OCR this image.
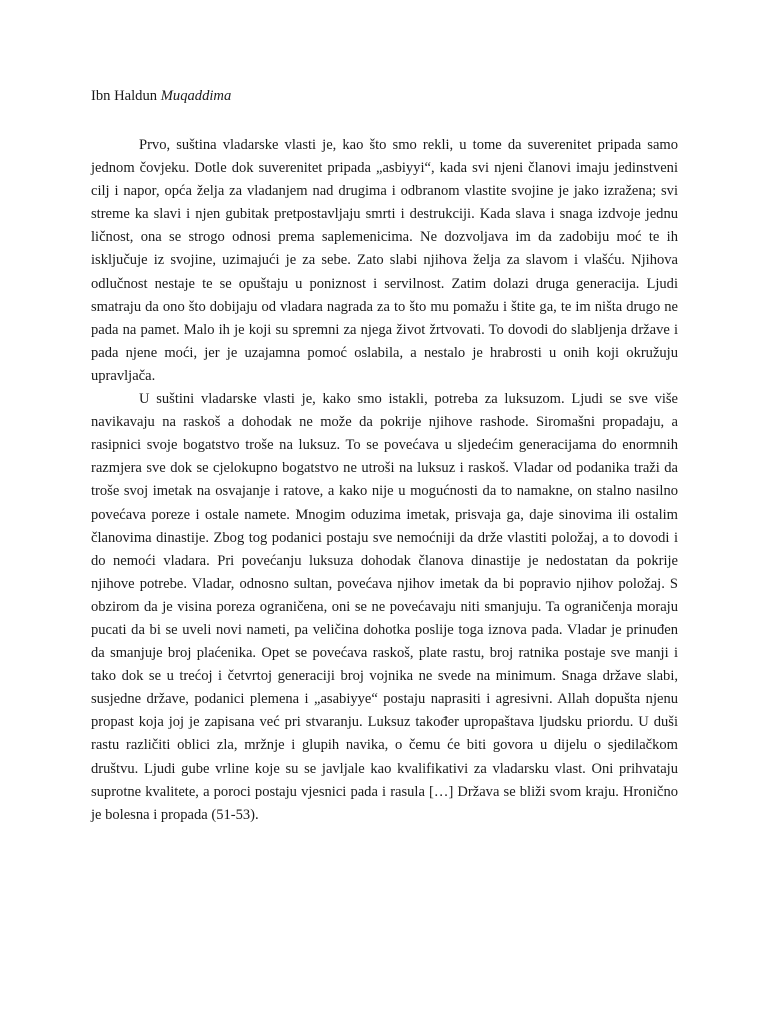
Ibn Haldun Muqaddima

Prvo, suština vladarske vlasti je, kao što smo rekli, u tome da suverenitet pripada samo jednom čovjeku. Dotle dok suverenitet pripada „asbiyyi“, kada svi njeni članovi imaju jedinstveni cilj i napor, opća želja za vladanjem nad drugima i odbranom vlastite svojine je jako izražena; svi streme ka slavi i njen gubitak pretpostavljaju smrti i destrukciji. Kada slava i snaga izdvoje jednu ličnost, ona se strogo odnosi prema saplemenicima. Ne dozvoljava im da zadobiju moć te ih isključuje iz svojine, uzimajući je za sebe. Zato slabi njihova želja za slavom i vlašću. Njihova odlučnost nestaje te se opuštaju u poniznost i servilnost. Zatim dolazi druga generacija. Ljudi smatraju da ono što dobijaju od vladara nagrada za to što mu pomažu i štite ga, te im ništa drugo ne pada na pamet. Malo ih je koji su spremni za njega život žrtvovati. To dovodi do slabljenja države i pada njene moći, jer je uzajamna pomoć oslabila, a nestalo je hrabrosti u onih koji okružuju upravljača.

U suštini vladarske vlasti je, kako smo istakli, potreba za luksuzom. Ljudi se sve više navikavaju na raskoš a dohodak ne može da pokrije njihove rashode. Siromašni propadaju, a rasipnici svoje bogatstvo troše na luksuz. To se povećava u sljedećim generacijama do enormnih razmjera sve dok se cjelokupno bogatstvo ne utroši na luksuz i raskoš. Vladar od podanika traži da troše svoj imetak na osvajanje i ratove, a kako nije u mogućnosti da to namakne, on stalno nasilno povećava poreze i ostale namete. Mnogim oduzima imetak, prisvaja ga, daje sinovima ili ostalim članovima dinastije. Zbog tog podanici postaju sve nemoćniji da drže vlastiti položaj, a to dovodi i do nemoći vladara. Pri povećanju luksuza dohodak članova dinastije je nedostatan da pokrije njihove potrebe. Vladar, odnosno sultan, povećava njihov imetak da bi popravio njihov položaj. S obzirom da je visina poreza ograničena, oni se ne povećavaju niti smanjuju. Ta ograničenja moraju pucati da bi se uveli novi nameti, pa veličina dohotka poslije toga iznova pada. Vladar je prinuđen da smanjuje broj plaćenika. Opet se povećava raskoš, plate rastu, broj ratnika postaje sve manji i tako dok se u trećoj i četvrtoj generaciji broj vojnika ne svede na minimum. Snaga države slabi, susjedne države, podanici plemena i „asabiyye“ postaju naprasiti i agresivni. Allah dopušta njenu propast koja joj je zapisana već pri stvaranju. Luksuz također upropaštava ljudsku priordu. U duši rastu različiti oblici zla, mržnje i glupih navika, o čemu će biti govora u dijelu o sjedilačkom društvu. Ljudi gube vrline koje su se javljale kao kvalifikativi za vladarsku vlast. Oni prihvataju suprotne kvalitete, a poroci postaju vjesnici pada i rasula […] Država se bliži svom kraju. Hronično je bolesna i propada (51-53).
